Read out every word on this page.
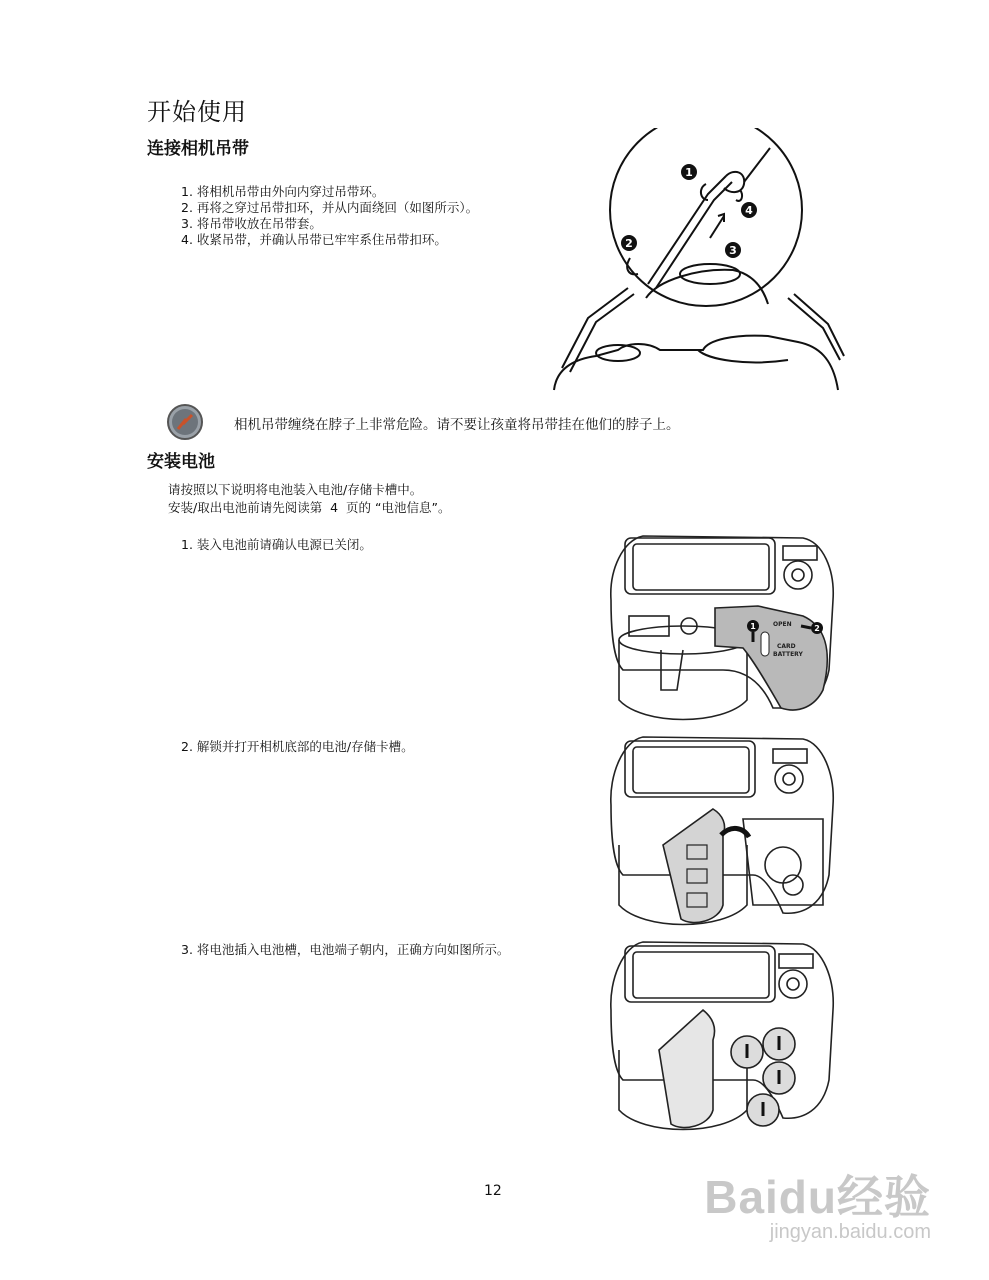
开始使用
连接相机吊带
1. 将相机吊带由外向内穿过吊带环。
2. 再将之穿过吊带扣环，并从内面绕回（如图所示）。
3. 将吊带收放在吊带套。
4. 收紧吊带，并确认吊带已牢牢系住吊带扣环。
1
2
3
4
相机吊带缠绕在脖子上非常危险。请不要让孩童将吊带挂在他们的脖子上。
安装电池
请按照以下说明将电池装入电池/存储卡槽中。
安装/取出电池前请先阅读第  4  页的 “电池信息”。
1. 装入电池前请确认电源已关闭。
2. 解锁并打开相机底部的电池/存储卡槽。
3. 将电池插入电池槽，电池端子朝内，正确方向如图所示。
OPEN
CARD
BATTERY
1	2
12	Baidu经验
jingyan.baidu.com
